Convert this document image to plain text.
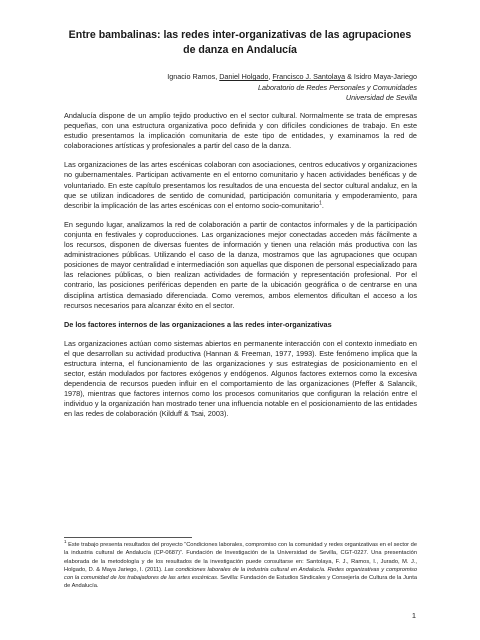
Entre bambalinas: las redes inter-organizativas de las agrupaciones de danza en Andalucía
Ignacio Ramos, Daniel Holgado, Francisco J. Santolaya & Isidro Maya-Jariego
Laboratorio de Redes Personales y Comunidades
Universidad de Sevilla

Andalucía dispone de un amplio tejido productivo en el sector cultural. Normalmente se trata de empresas pequeñas, con una estructura organizativa poco definida y con difíciles condiciones de trabajo. En este estudio presentamos la implicación comunitaria de este tipo de entidades, y examinamos la red de colaboraciones artísticas y profesionales a partir del caso de la danza.

Las organizaciones de las artes escénicas colaboran con asociaciones, centros educativos y organizaciones no gubernamentales. Participan activamente en el entorno comunitario y hacen actividades benéficas y de voluntariado. En este capítulo presentamos los resultados de una encuesta del sector cultural andaluz, en la que se utilizan indicadores de sentido de comunidad, participación comunitaria y empoderamiento, para describir la implicación de las artes escénicas con el entorno socio-comunitario$^1$.

En segundo lugar, analizamos la red de colaboración a partir de contactos informales y de la participación conjunta en festivales y coproducciones. Las organizaciones mejor conectadas acceden más fácilmente a los recursos, disponen de diversas fuentes de información y tienen una relación más productiva con las administraciones públicas. Utilizando el caso de la danza, mostramos que las agrupaciones que ocupan posiciones de mayor centralidad e intermediación son aquellas que disponen de personal especializado para las relaciones públicas, o bien realizan actividades de formación y representación profesional. Por el contrario, las posiciones periféricas dependen en parte de la ubicación geográfica o de centrarse en una disciplina artística demasiado diferenciada. Como veremos, ambos elementos dificultan el acceso a los recursos necesarios para alcanzar éxito en el sector.

De los factores internos de las organizaciones a las redes inter-organizativas

Las organizaciones actúan como sistemas abiertos en permanente interacción con el contexto inmediato en el que desarrollan su actividad productiva (Hannan & Freeman, 1977, 1993). Este fenómeno implica que la estructura interna, el funcionamiento de las organizaciones y sus estrategias de posicionamiento en el sector, están modulados por factores exógenos y endógenos. Algunos factores externos como la excesiva dependencia de recursos pueden influir en el comportamiento de las organizaciones (Pfeffer & Salancik, 1978), mientras que factores internos como los procesos comunitarios que configuran la relación entre el individuo y la organización han mostrado tener una influencia notable en el posicionamiento de las entidades en las redes de colaboración (Kilduff & Tsai, 2003).

$^1$ Este trabajo presenta resultados del proyecto “Condiciones laborales, compromiso con la comunidad y redes organizativas en el sector de la industria cultural de Andalucía (CP-0687)”. Fundación de Investigación de la Universidad de Sevilla, CGT-0227. Una presentación elaborada de la metodología y de los resultados de la investigación puede consultarse en: Santolaya, F. J., Ramos, I., Jurado, M. J., Holgado, D. & Maya Jariego, I. (2011). Las condiciones laborales de la industria cultural en Andalucía. Redes organizativas y compromiso con la comunidad de los trabajadores de las artes escénicas. Sevilla: Fundación de Estudios Sindicales y Consejería de Cultura de la Junta de Andalucía.
1
